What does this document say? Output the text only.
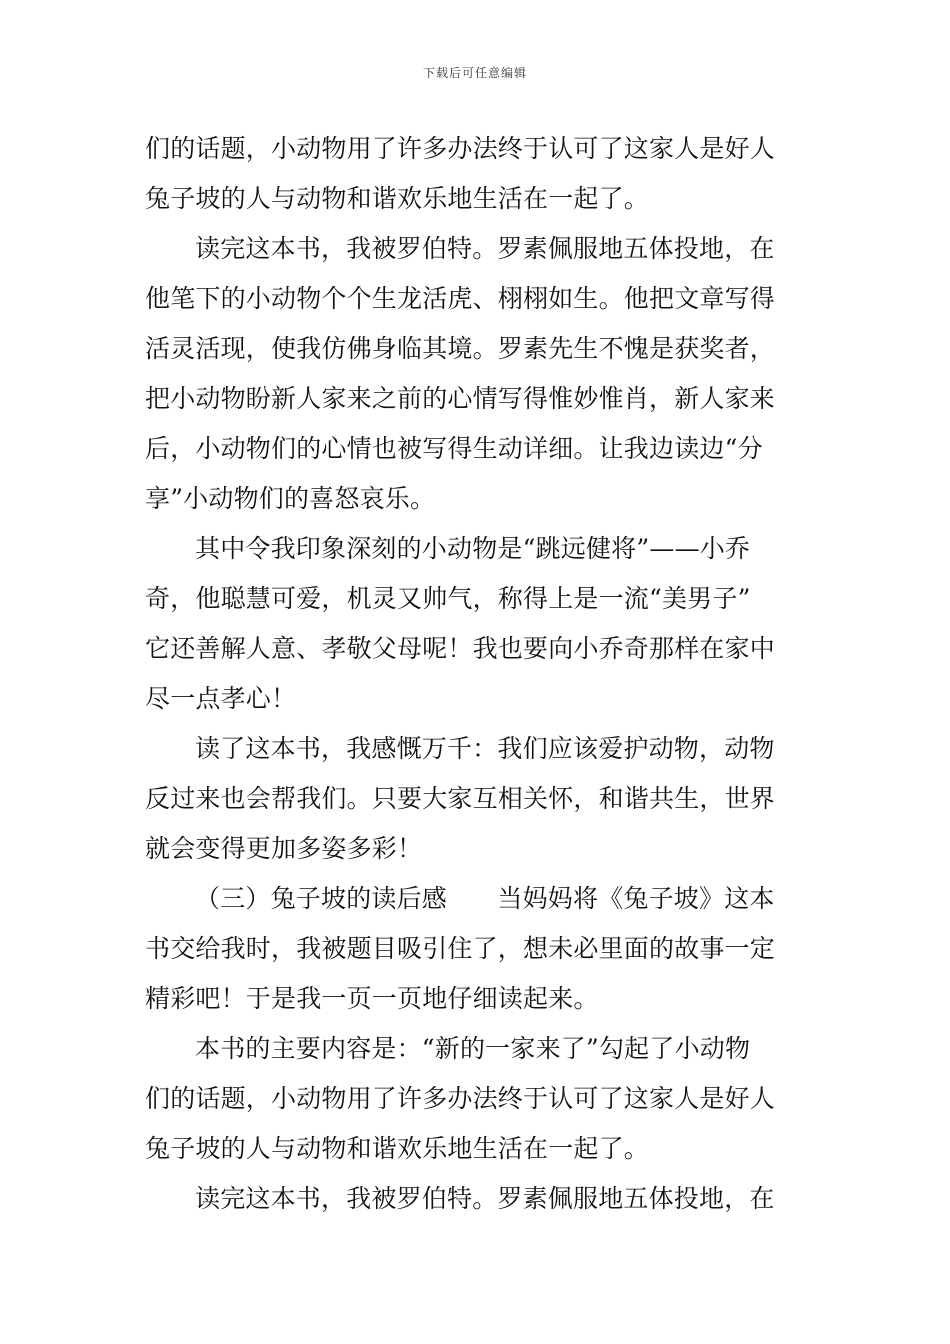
下载后可任意编辑
们的话题，小动物用了许多办法终于认可了这家人是好人
兔子坡的人与动物和谐欢乐地生活在一起了。
读完这本书，我被罗伯特。罗素佩服地五体投地，在
他笔下的小动物个个生龙活虎、栩栩如生。他把文章写得
活灵活现，使我仿佛身临其境。罗素先生不愧是获奖者，
把小动物盼新人家来之前的心情写得惟妙惟肖，新人家来
后，小动物们的心情也被写得生动详细。让我边读边“分
享”小动物们的喜怒哀乐。
其中令我印象深刻的小动物是“跳远健将”——小乔
奇，他聪慧可爱，机灵又帅气，称得上是一流“美男子”
它还善解人意、孝敬父母呢！我也要向小乔奇那样在家中
尽一点孝心！
读了这本书，我感慨万千：我们应该爱护动物，动物
反过来也会帮我们。只要大家互相关怀，和谐共生，世界
就会变得更加多姿多彩！
（三）兔子坡的读后感　　当妈妈将《兔子坡》这本
书交给我时，我被题目吸引住了，想未必里面的故事一定
精彩吧！于是我一页一页地仔细读起来。
本书的主要内容是：“新的一家来了”勾起了小动物
们的话题，小动物用了许多办法终于认可了这家人是好人
兔子坡的人与动物和谐欢乐地生活在一起了。
读完这本书，我被罗伯特。罗素佩服地五体投地，在
